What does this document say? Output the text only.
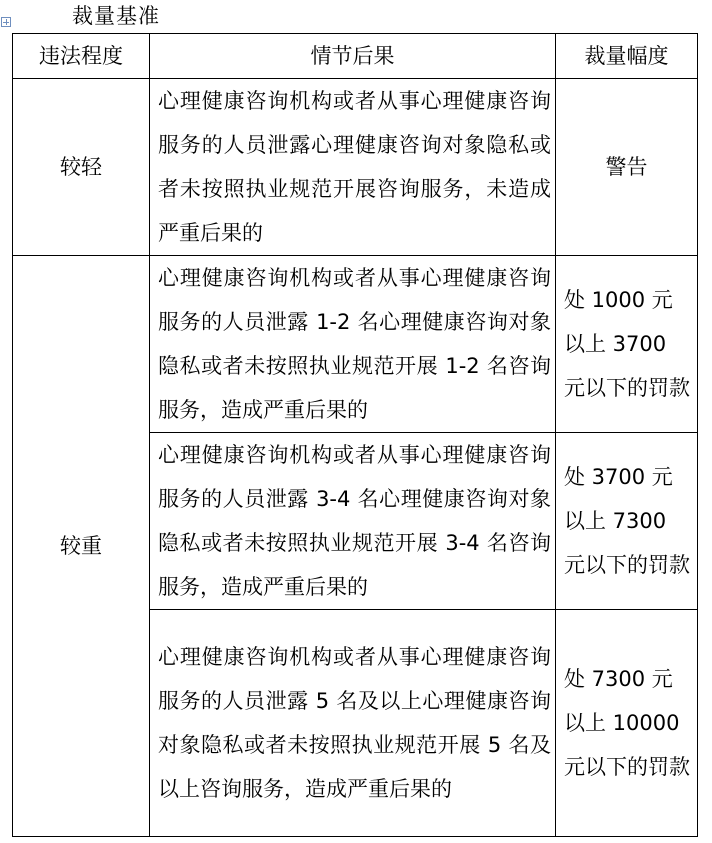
裁量基准
违法程度	情节后果	裁量幅度
较轻	心理健康咨询机构或者从事心理健康咨询服务的人员泄露心理健康咨询对象隐私或者未按照执业规范开展咨询服务，未造成严重后果的	警告
较重	心理健康咨询机构或者从事心理健康咨询服务的人员泄露 1-2 名心理健康咨询对象隐私或者未按照执业规范开展 1-2 名咨询服务，造成严重后果的	处 1000 元以上 3700 元以下的罚款
	心理健康咨询机构或者从事心理健康咨询服务的人员泄露 3-4 名心理健康咨询对象隐私或者未按照执业规范开展 3-4 名咨询服务，造成严重后果的	处 3700 元以上 7300 元以下的罚款
	心理健康咨询机构或者从事心理健康咨询服务的人员泄露 5 名及以上心理健康咨询对象隐私或者未按照执业规范开展 5 名及以上咨询服务，造成严重后果的	处 7300 元以上 10000 元以下的罚款
